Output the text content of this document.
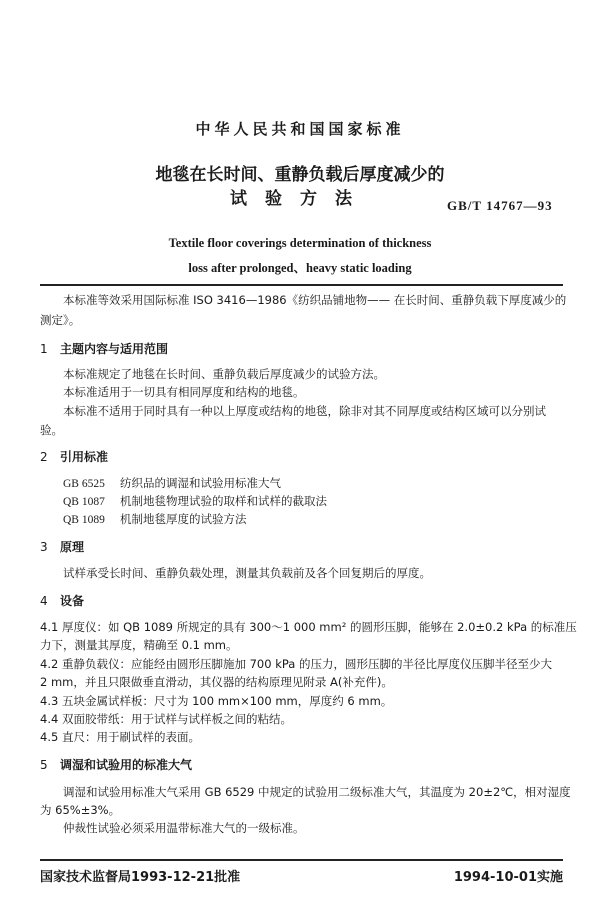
中华人民共和国国家标准
地毯在长时间、重静负载后厚度减少的
试验方法	GB/T 14767—93
Textile floor coverings determination of thickness
loss after prolonged、heavy static loading
本标准等效采用国际标准 ISO 3416—1986《纺织品铺地物—— 在长时间、重静负载下厚度减少的
测定》。
1 主题内容与适用范围
本标准规定了地毯在长时间、重静负载后厚度减少的试验方法。
本标准适用于一切具有相同厚度和结构的地毯。
本标准不适用于同时具有一种以上厚度或结构的地毯，除非对其不同厚度或结构区域可以分别试
验。
2 引用标准
GB 6525 纺织品的调湿和试验用标准大气
QB 1087 机制地毯物理试验的取样和试样的截取法
QB 1089 机制地毯厚度的试验方法
3 原理
试样承受长时间、重静负载处理，测量其负载前及各个回复期后的厚度。
4 设备
4.1 厚度仪：如 QB 1089 所规定的具有 300～1 000 mm² 的圆形压脚，能够在 2.0±0.2 kPa 的标准压
力下，测量其厚度，精确至 0.1 mm。
4.2 重静负载仪：应能经由圆形压脚施加 700 kPa 的压力，圆形压脚的半径比厚度仪压脚半径至少大
2 mm，并且只限做垂直滑动，其仪器的结构原理见附录 A(补充件)。
4.3 五块金属试样板：尺寸为 100 mm×100 mm，厚度约 6 mm。
4.4 双面胶带纸：用于试样与试样板之间的粘结。
4.5 直尺：用于刷试样的表面。
5 调湿和试验用的标准大气
调湿和试验用标准大气采用 GB 6529 中规定的试验用二级标准大气，其温度为 20±2℃，相对湿度
为 65%±3%。
仲裁性试验必须采用温带标准大气的一级标准。
国家技术监督局1993-12-21批准	1994-10-01实施
